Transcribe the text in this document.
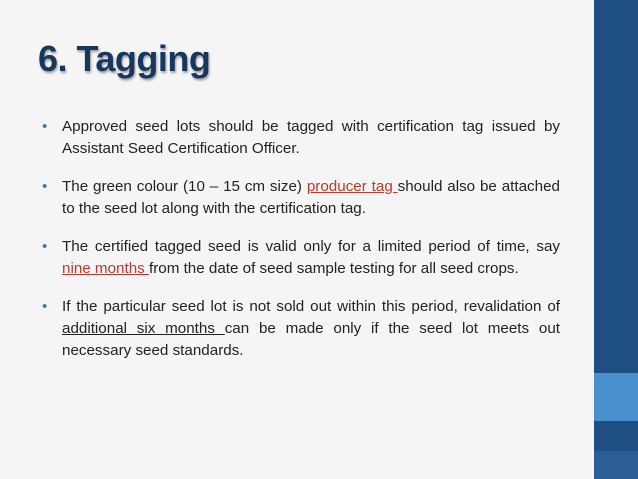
6. Tagging
• Approved seed lots should be tagged with certification tag issued by Assistant Seed Certification Officer.
• The green colour (10 – 15 cm size) producer tag should also be attached to the seed lot along with the certification tag.
• The certified tagged seed is valid only for a limited period of time, say nine months from the date of seed sample testing for all seed crops.
• If the particular seed lot is not sold out within this period, revalidation of additional six months can be made only if the seed lot meets out necessary seed standards.
